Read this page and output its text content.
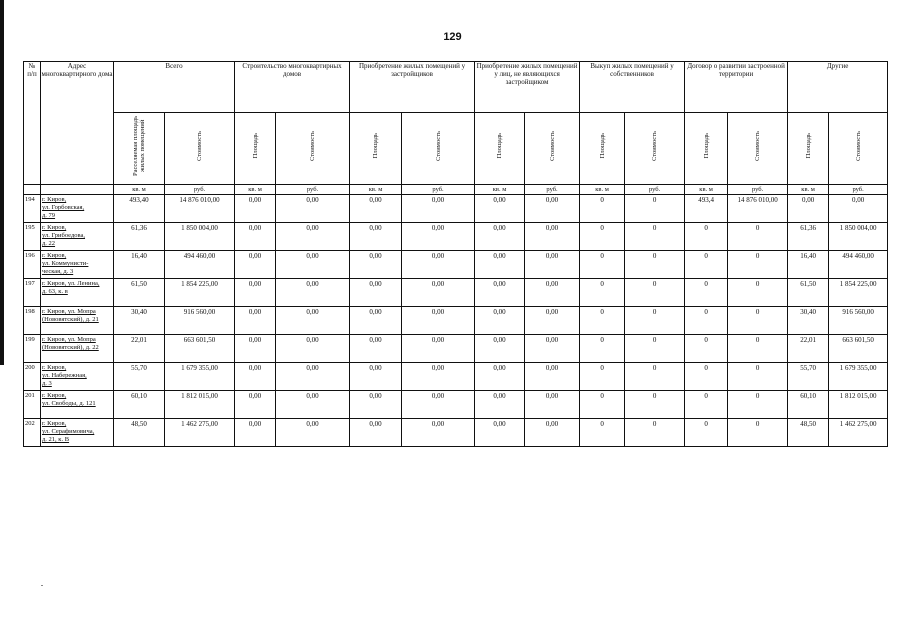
129
№
п/п	Адрес многоквартирного дома	Всего		Строительство многоквартирных домов		Приобретение жилых помещений у застройщиков		Приобретение жилых помещений у лиц, не являющихся застройщиком		Выкуп жилых помещений у собственников		Договор о развитии застроенной территории		Другие	
		Расселяемая площадь жилых помещений	Стоимость	Площадь	Стоимость	Площадь	Стоимость	Площадь	Стоимость	Площадь	Стоимость	Площадь	Стоимость	Площадь	Стоимость
		кв. м	руб.	кв. м	руб.	кв. м	руб.	кв. м	руб.	кв. м	руб.	кв. м	руб.	кв. м	руб.
194	г. Киров,
ул. Горбовская,
д. 79	493,40	14 876 010,00	0,00	0,00	0,00	0,00	0,00	0,00	0	0	493,4	14 876 010,00	0,00	0,00
195	г. Киров,
ул. Грибоедова,
д. 22	61,36	1 850 004,00	0,00	0,00	0,00	0,00	0,00	0,00	0	0	0	0	61,36	1 850 004,00
196	г. Киров,
ул. Коммунисти-
ческая, д. 3	16,40	494 460,00	0,00	0,00	0,00	0,00	0,00	0,00	0	0	0	0	16,40	494 460,00
197	г. Киров, ул. Ленина,
д. 63, к. в	61,50	1 854 225,00	0,00	0,00	0,00	0,00	0,00	0,00	0	0	0	0	61,50	1 854 225,00
198	г. Киров, ул. Мопра
(Нововятский), д. 21	30,40	916 560,00	0,00	0,00	0,00	0,00	0,00	0,00	0	0	0	0	30,40	916 560,00
199	г. Киров, ул. Мопра
(Нововятский), д. 22	22,01	663 601,50	0,00	0,00	0,00	0,00	0,00	0,00	0	0	0	0	22,01	663 601,50
200	г. Киров,
ул. Набережная,
д. 3	55,70	1 679 355,00	0,00	0,00	0,00	0,00	0,00	0,00	0	0	0	0	55,70	1 679 355,00
201	г. Киров,
ул. Свободы, д. 121	60,10	1 812 015,00	0,00	0,00	0,00	0,00	0,00	0,00	0	0	0	0	60,10	1 812 015,00
202	г. Киров,
ул. Серафимовича,
д. 21, к. В	48,50	1 462 275,00	0,00	0,00	0,00	0,00	0,00	0,00	0	0	0	0	48,50	1 462 275,00
